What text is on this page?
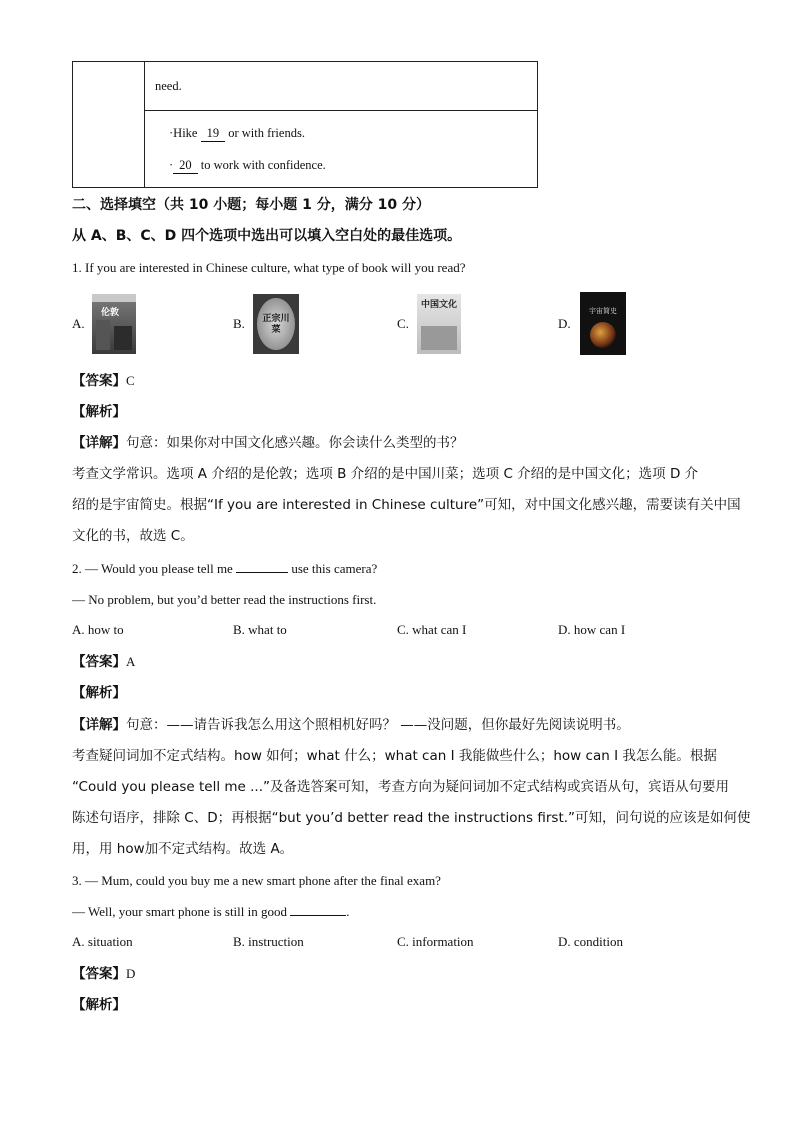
need.
·Hike 19 or with friends.
· 20 to work with confidence.
二、选择填空（共 10 小题；每小题 1 分，满分 10 分）
从 A、B、C、D 四个选项中选出可以填入空白处的最佳选项。
1. If you are interested in Chinese culture, what type of book will you read?
A.
伦敦
B.	正宗川菜	C.
中国文化
D.
宇宙简史
【答案】C
【解析】
【详解】句意：如果你对中国文化感兴趣。你会读什么类型的书？
考查文学常识。选项 A 介绍的是伦敦；选项 B 介绍的是中国川菜；选项 C 介绍的是中国文化；选项 D 介
绍的是宇宙简史。根据“If you are interested in Chinese culture”可知，对中国文化感兴趣，需要读有关中国
文化的书，故选 C。
2. — Would you please tell me	use this camera?
— No problem, but you’d better read the instructions first.
A. how to	B. what to	C. what can I	D. how can I
【答案】A
【解析】
【详解】句意：——请告诉我怎么用这个照相机好吗？ ——没问题，但你最好先阅读说明书。
考查疑问词加不定式结构。how 如何；what 什么；what can I 我能做些什么；how can I 我怎么能。根据
“Could you please tell me ...”及备选答案可知，考查方向为疑问词加不定式结构或宾语从句，宾语从句要用
陈述句语序，排除 C、D；再根据“but you’d better read the instructions first.”可知，问句说的应该是如何使
用，用 how加不定式结构。故选 A。
3. — Mum, could you buy me a new smart phone after the final exam?
— Well, your smart phone is still in good	.
A. situation	B. instruction	C. information	D. condition
【答案】D
【解析】
